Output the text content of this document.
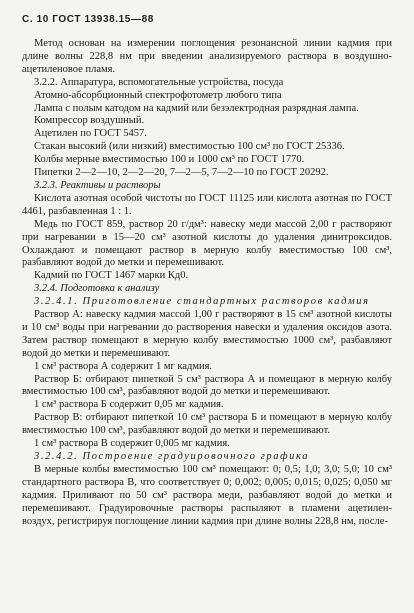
С. 10 ГОСТ 13938.15—88

Метод основан на измерении поглощения резонансной линии кадмия при длине волны 228,8 нм при введении анализируемого раствора в воздушно-ацетиленовое пламя.

3.2.2. Аппаратура, вспомогательные устройства, посуда

Атомно-абсорбционный спектрофотометр любого типа

Лампа с полым катодом на кадмий или безэлектродная разрядная лампа.

Компрессор воздушный.

Ацетилен по ГОСТ 5457.

Стакан высокий (или низкий) вместимостью 100 см³ по ГОСТ 25336.

Колбы мерные вместимостью 100 и 1000 см³ по ГОСТ 1770.

Пипетки 2—2—10, 2—2—20, 7—2—5, 7—2—10 по ГОСТ 20292.

3.2.3. Реактивы и растворы

Кислота азотная особой чистоты по ГОСТ 11125 или кислота азотная по ГОСТ 4461, разбавленная 1 : 1.

Медь по ГОСТ 859, раствор 20 г/дм³: навеску меди массой 2,00 г растворяют при нагревании в 15—20 см³ азотной кислоты до удаления динитроксидов. Охлаждают и помещают раствор в мерную колбу вместимостью 100 см³, разбавляют водой до метки и перемешивают.

Кадмий по ГОСТ 1467 марки Кд0.

3.2.4. Подготовка к анализу

3.2.4.1. Приготовление стандартных растворов кадмия

Раствор А: навеску кадмия массой 1,00 г растворяют в 15 см³ азотной кислоты и 10 см³ воды при нагревании до растворения навески и удаления оксидов азота. Затем раствор помещают в мерную колбу вместимостью 1000 см³, разбавляют водой до метки и перемешивают.

1 см³ раствора А содержит 1 мг кадмия.

Раствор Б: отбирают пипеткой 5 см³ раствора А и помещают в мерную колбу вместимостью 100 см³, разбавляют водой до метки и перемешивают.

1 см³ раствора Б содержит 0,05 мг кадмия.

Раствор В: отбирают пипеткой 10 см³ раствора Б и помещают в мерную колбу вместимостью 100 см³, разбавляют водой до метки и перемешивают.

1 см³ раствора В содержит 0,005 мг кадмия.

3.2.4.2. Построение градуировочного графика

В мерные колбы вместимостью 100 см³ помещают: 0; 0,5; 1,0; 3,0; 5,0; 10 см³ стандартного раствора В, что соответствует 0; 0,002; 0,005; 0,015; 0,025; 0,050 мг кадмия. Приливают по 50 см³ раствора меди, разбавляют водой до метки и перемешивают. Градуировочные растворы распыляют в пламени ацетилен-воздух, регистрируя поглощение линии кадмия при длине волны 228,8 нм, после-
